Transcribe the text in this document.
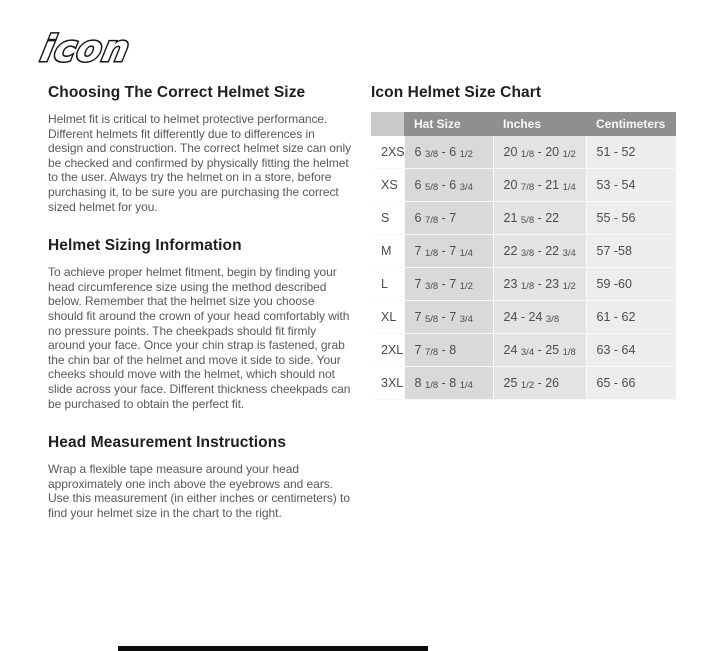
icon
Choosing The Correct Helmet Size

Helmet fit is critical to helmet protective performance. Different helmets fit differently due to differences in design and construction. The correct helmet size can only be checked and confirmed by physically fitting the helmet to the user. Always try the helmet on in a store, before purchasing it, to be sure you are purchasing the correct sized helmet for you.

Helmet Sizing Information

To achieve proper helmet fitment, begin by finding your head circumference size using the method described below. Remember that the helmet size you choose should fit around the crown of your head comfortably with no pressure points. The cheekpads should fit firmly around your face. Once your chin strap is fastened, grab the chin bar of the helmet and move it side to side. Your cheeks should move with the helmet, which should not slide across your face. Different thickness cheekpads can be purchased to obtain the perfect fit.

Head Measurement Instructions

Wrap a flexible tape measure around your head approximately one inch above the eyebrows and ears. Use this measurement (in either inches or centimeters) to find your helmet size in the chart to the right.

Icon Helmet Size Chart
	Hat Size	Inches	Centimeters
2XS	6 3/8 - 6 1/2	20 1/8 - 20 1/2	51 - 52
XS	6 5/8 - 6 3/4	20 7/8 - 21 1/4	53 - 54
S	6 7/8 - 7	21 5/8 - 22	55 - 56
M	7 1/8 - 7 1/4	22 3/8 - 22 3/4	57 -58
L	7 3/8 - 7 1/2	23 1/8 - 23 1/2	59 -60
XL	7 5/8 - 7 3/4	24 - 24 3/8	61 - 62
2XL	7 7/8 - 8	24 3/4 - 25 1/8	63 - 64
3XL	8 1/8 - 8 1/4	25 1/2 - 26	65 - 66
